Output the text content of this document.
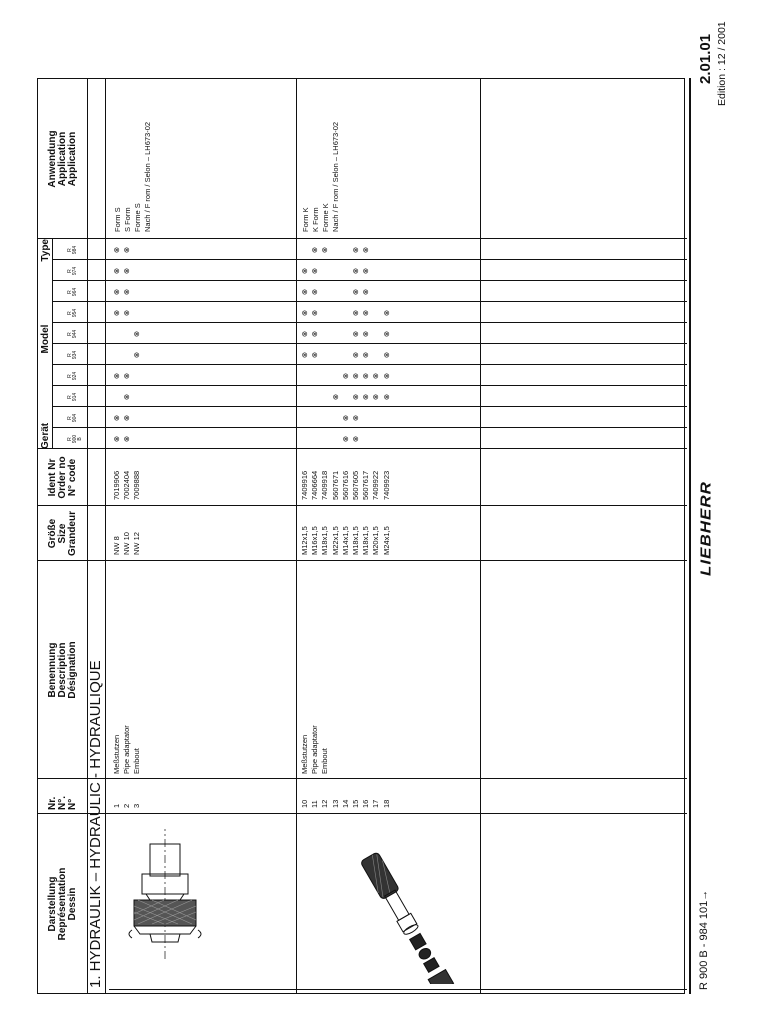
Darstellung Représentation Dessin
Nr. N°. N°
Benennung Description Désignation
Größe Size Grandeur
Ident Nr Order no N° code
Gerät
Model
Type
Anwendung Application Application
R 900 B
R 904
R 914
R 924
R 934
R 944
R 954
R 964
R 974
R 984
1. HYDRAULIK – HYDRAULIC - HYDRAULIQUE 1
Meßstutzen
NW 8
7019906
⊗
⊗
⊗
⊗
⊗
⊗
⊗
Form S
2
Pipe adaptator
NW 10
7002404
⊗
⊗
⊗
⊗
⊗
⊗
⊗
⊗
S Form
3
Embout
NW 12
7009888
⊗
⊗
Forme S
10
Meßstutzen
M12x1,5
7409916
⊗
⊗
⊗
⊗
⊗
Form K
11
Pipe adaptator
M16x1,5
7406664
⊗
⊗
⊗
⊗
⊗
⊗
K Form
12
Embout
M18x1,5
7409918
⊗
Forme K
13
M22x1,5
5607671
⊗
14
M14x1,5
5607616
⊗
⊗
⊗
15
M18x1,5
5607605
⊗
⊗
⊗
⊗
⊗
⊗
⊗
⊗
⊗
⊗
16
M18x1,5
5607617
⊗
⊗
⊗
⊗
⊗
⊗
⊗
⊗
17
M20x1,5
7409922
⊗
⊗
18
M24x1,5
7409923
⊗
⊗
⊗
⊗
⊗
Nach / F rom / Selon – LH673-02	Nach / F rom / Selon – LH673-02
R 900 B - 984 101→
LIEBHERR
2.01.01 Edition : 12 / 2001
